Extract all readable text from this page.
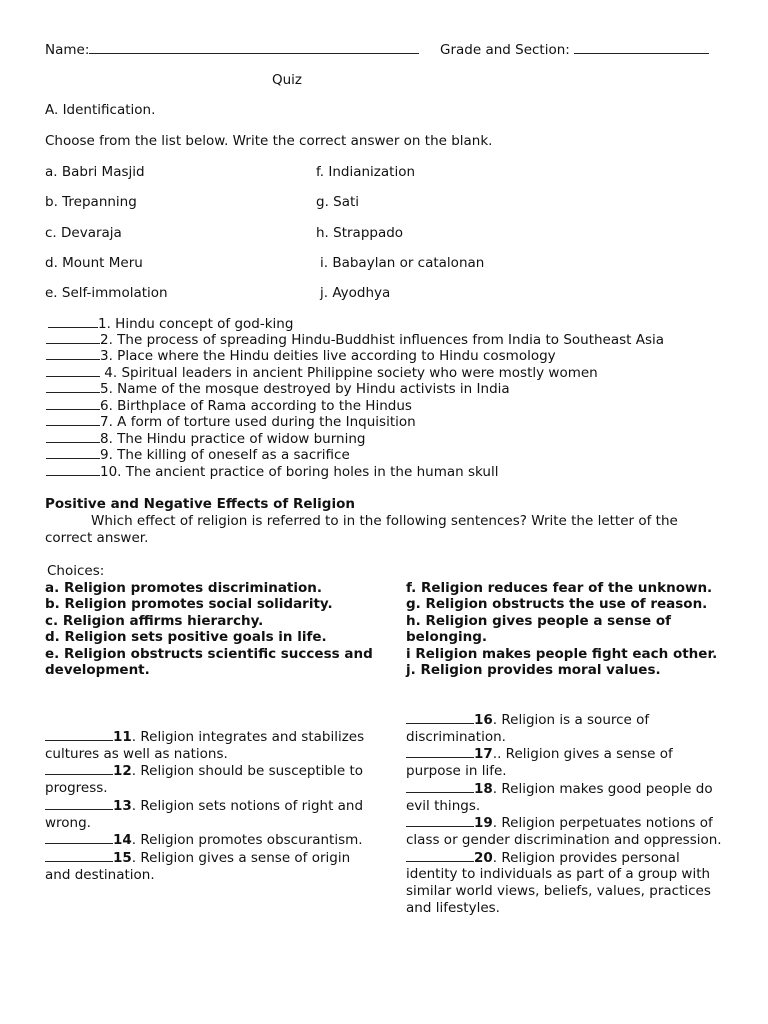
Name:	Grade and Section:
Quiz
A. Identification.
Choose from the list below. Write the correct answer on the blank.
a. Babri Masjid
b. Trepanning
c. Devaraja
d. Mount Meru
e. Self-immolation
f. Indianization
g. Sati
h. Strappado
i. Babaylan or catalonan
j. Ayodhya
1. Hindu concept of god-king
2. The process of spreading Hindu-Buddhist influences from India to Southeast Asia
3. Place where the Hindu deities live according to Hindu cosmology
4. Spiritual leaders in ancient Philippine society who were mostly women
5. Name of the mosque destroyed by Hindu activists in India
6. Birthplace of Rama according to the Hindus
7. A form of torture used during the Inquisition
8. The Hindu practice of widow burning
9. The killing of oneself as a sacrifice
10. The ancient practice of boring holes in the human skull
Positive and Negative Effects of Religion
Which effect of religion is referred to in the following sentences? Write the letter of the correct answer.
Choices:
a. Religion promotes discrimination.
b. Religion promotes social solidarity.
c. Religion affirms hierarchy.
d. Religion sets positive goals in life.
e. Religion obstructs scientific success and
development.
f. Religion reduces fear of the unknown.
g. Religion obstructs the use of reason.
h. Religion gives people a sense of
belonging.
i Religion makes people fight each other.
j. Religion provides moral values.

11. Religion integrates and stabilizes cultures as well as nations.

12. Religion should be susceptible to progress.

13. Religion sets notions of right and wrong.

14. Religion promotes obscurantism.

15. Religion gives a sense of origin and destination.

16. Religion is a source of discrimination.

17.. Religion gives a sense of purpose in life.

18. Religion makes good people do evil things.

19. Religion perpetuates notions of class or gender discrimination and oppression.

20. Religion provides personal identity to individuals as part of a group with similar world views, beliefs, values, practices and lifestyles.
